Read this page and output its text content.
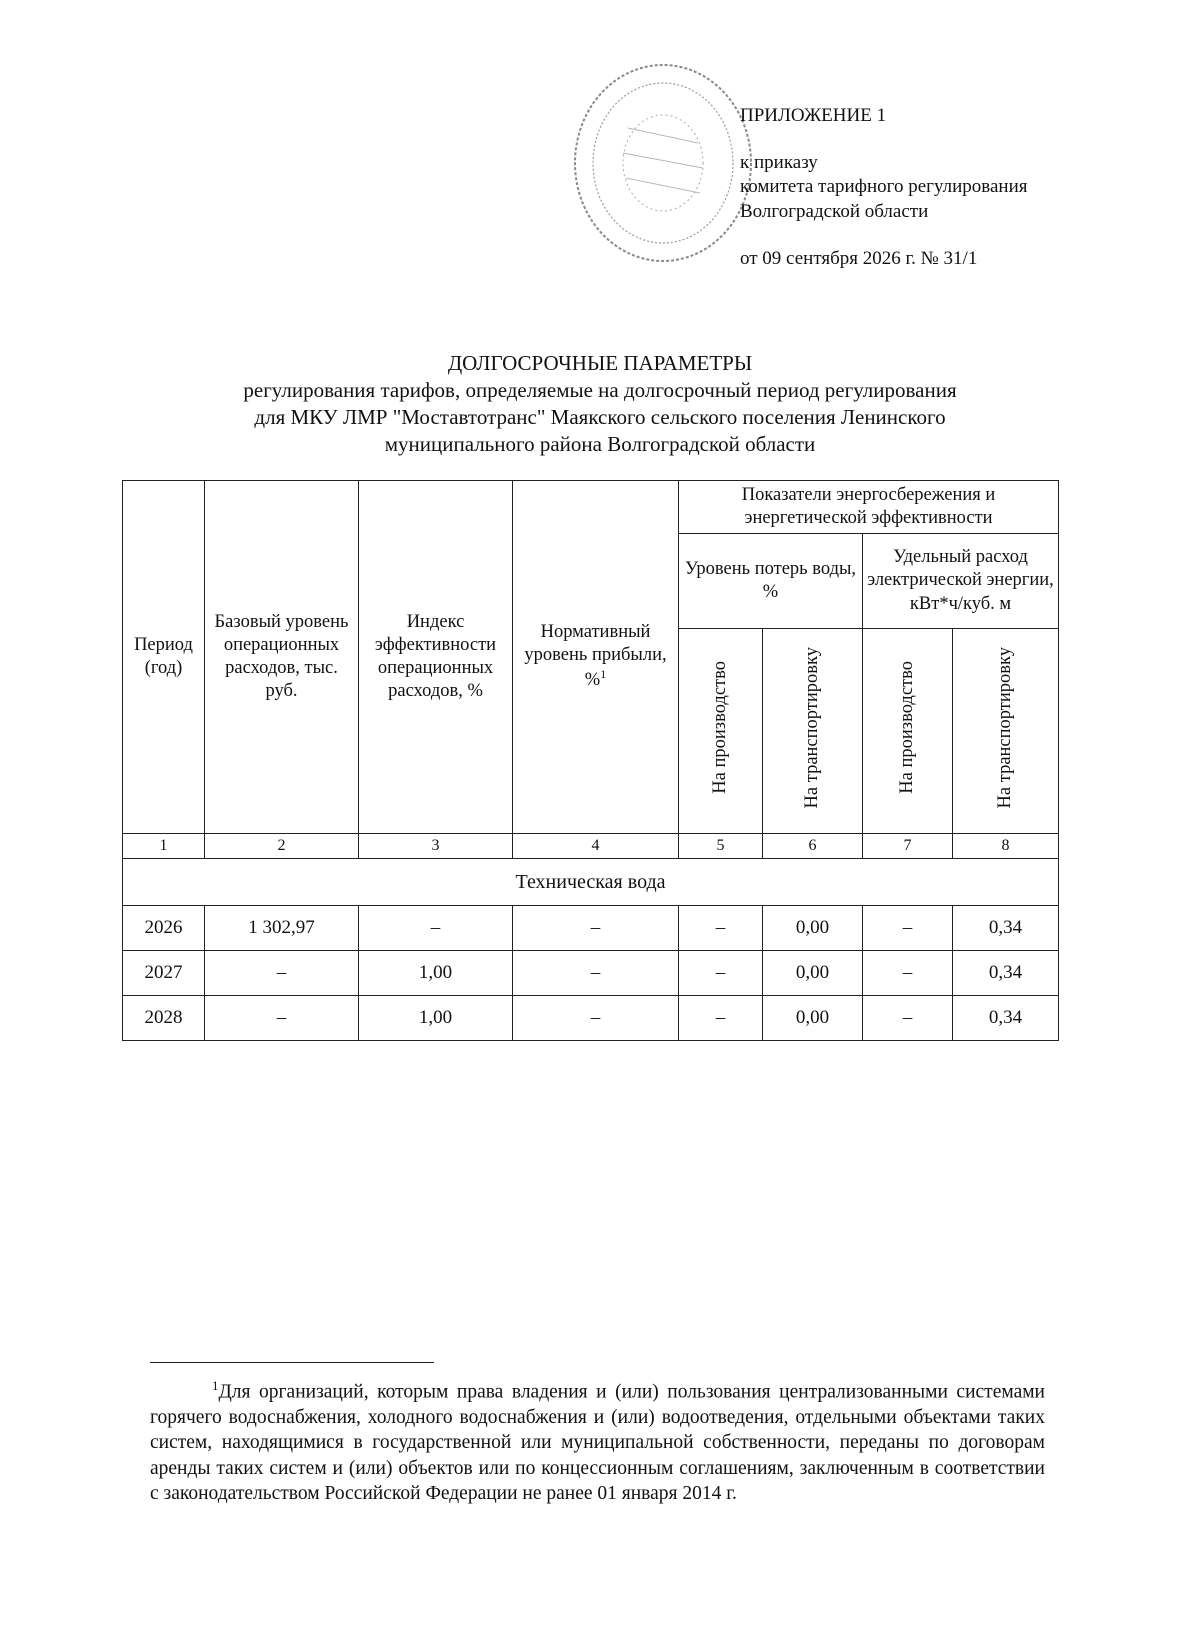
ПРИЛОЖЕНИЕ 1
к приказу
комитета тарифного регулирования
Волгоградской области
от 09 сентября 2026 г. № 31/1
ДОЛГОСРОЧНЫЕ ПАРАМЕТРЫ
регулирования тарифов, определяемые на долгосрочный период регулирования
для МКУ ЛМР "Моставтотранс" Маякского сельского поселения Ленинского
муниципального района Волгоградской области
Период (год)	Базовый уровень операционных расходов, тыс. руб.	Индекс эффективности операционных расходов, %	Нормативный уровень прибыли, %$^1$	Показатели энергосбережения и энергетической эффективности			
				Уровень потерь воды, %		Удельный расход электрической энергии, кВт*ч/куб. м	
				На производство	На транспортировку	На производство	На транспортировку
1	2	3	4	5	6	7	8
Техническая вода							
2026	1 302,97	–	–	–	0,00	–	0,34
2027	–	1,00	–	–	0,00	–	0,34
2028	–	1,00	–	–	0,00	–	0,34
$^1$Для организаций, которым права владения и (или) пользования централизованными системами горячего водоснабжения, холодного водоснабжения и (или) водоотведения, отдельными объектами таких систем, находящимися в государственной или муниципальной собственности, переданы по договорам аренды таких систем и (или) объектов или по концессионным соглашениям, заключенным в соответствии с законодательством Российской Федерации не ранее 01 января 2014 г.
